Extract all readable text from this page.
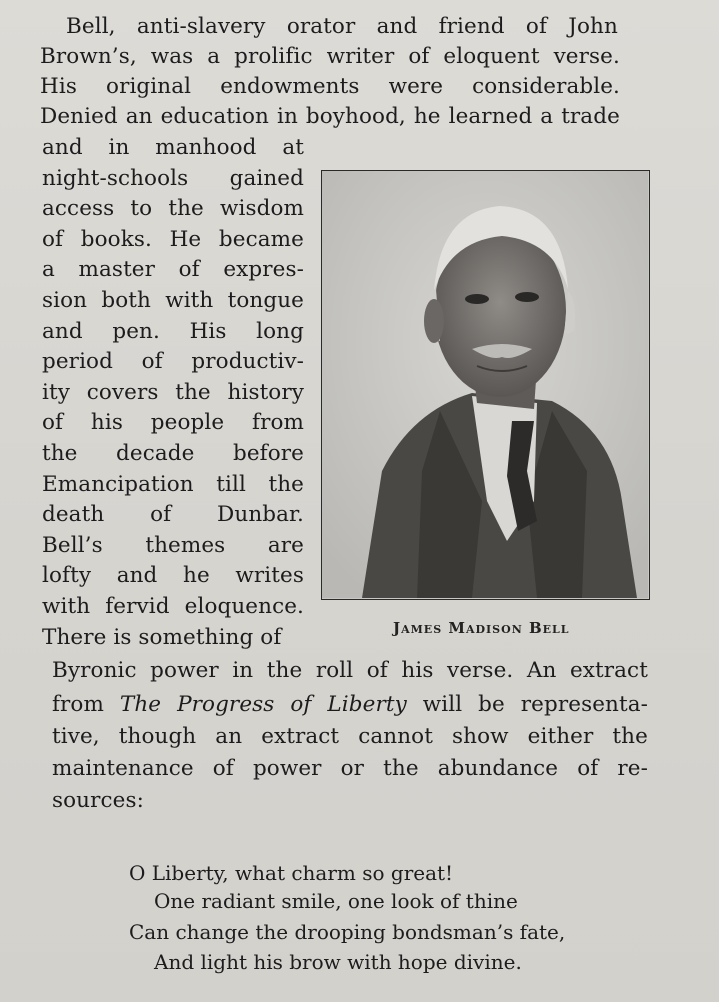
Bell, anti-slavery orator and friend of John
Brown’s, was a prolific writer of eloquent verse.
His original endowments were considerable.
Denied an education in boyhood, he learned a trade
and in manhood at
night-schools gained
access to the wisdom
of books. He became
a master of expres-
sion both with tongue
and pen. His long
period of productiv-
ity covers the history
of his people from
the decade before
Emancipation till the
death of Dunbar.
Bell’s themes are
lofty and he writes
with fervid eloquence.
There is something of	James Madison Bell
Byronic power in the roll of his verse. An extract
from The Progress of Liberty will be representa-
tive, though an extract cannot show either the
maintenance of power or the abundance of re-
sources:
O Liberty, what charm so great!
One radiant smile, one look of thine
Can change the drooping bondsman’s fate,
And light his brow with hope divine.
